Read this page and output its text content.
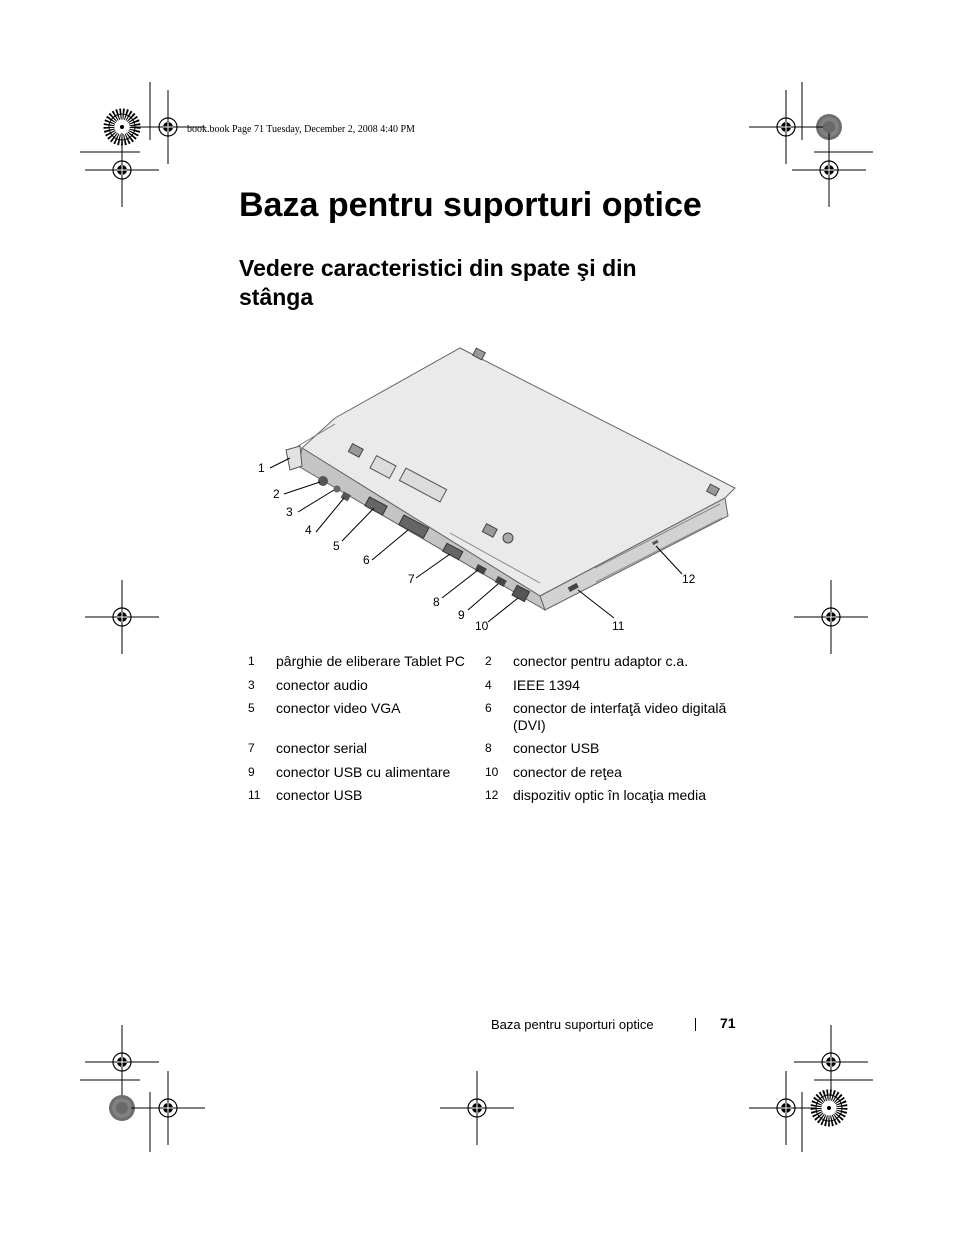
book.book Page 71 Tuesday, December 2, 2008 4:40 PM
Baza pentru suporturi optice
Vedere caracteristici din spate şi din stânga
1
2
3
4
5
6
7
8
9
10	11
12
1	pârghie de eliberare Tablet PC	2	conector pentru adaptor c.a.
3	conector audio	4	IEEE 1394
5	conector video VGA	6	conector de interfaţă video digitală (DVI)
7	conector serial	8	conector USB
9	conector USB cu alimentare	10	conector de reţea
11	conector USB	12	dispozitiv optic în locaţia media
Baza pentru suporturi optice	71
